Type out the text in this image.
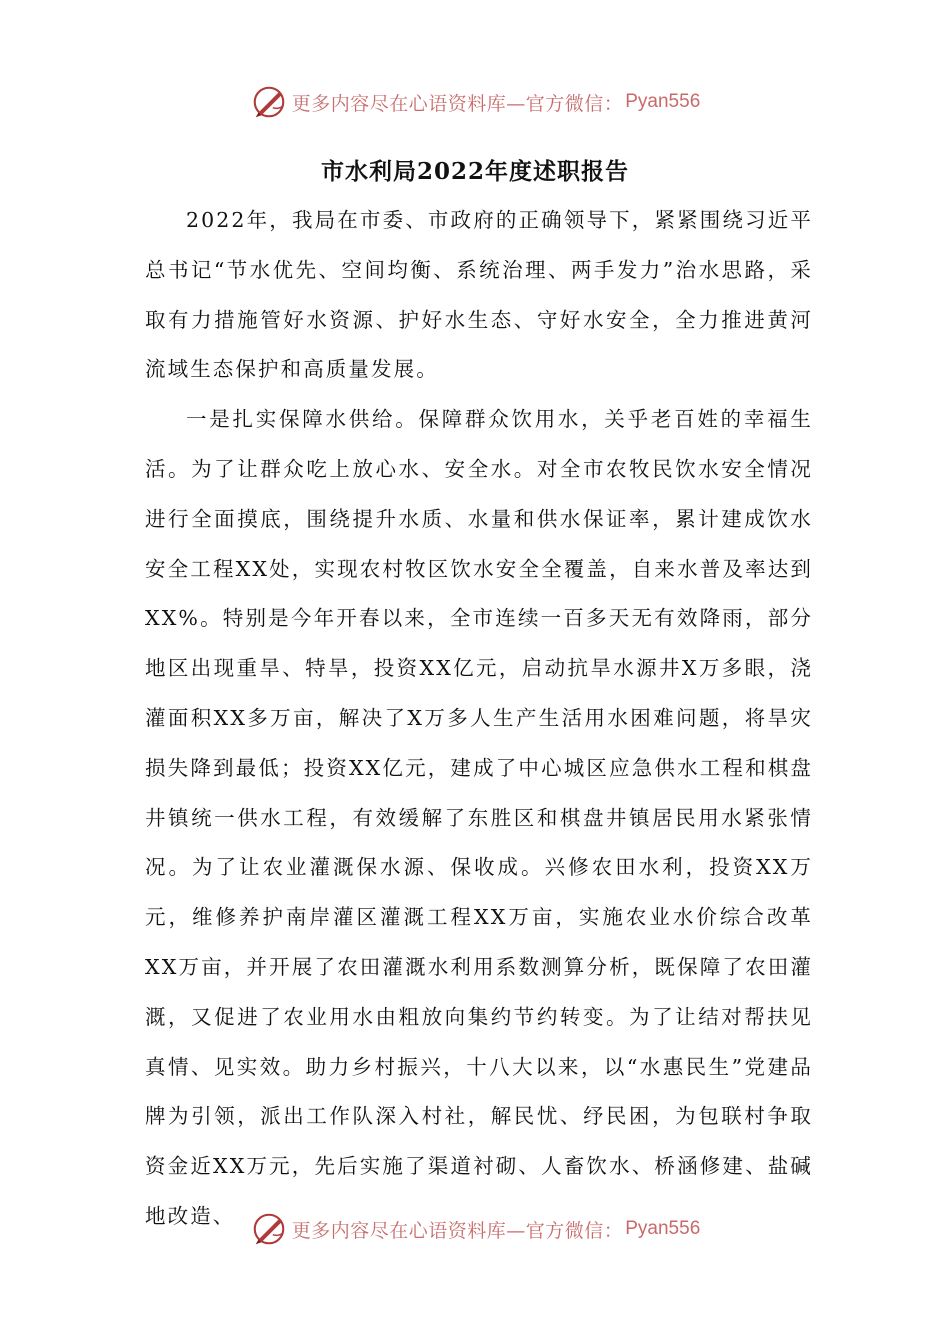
更多内容尽在心语资料库—官方微信： Pyan556
市水利局2022年度述职报告

2022年，我局在市委、市政府的正确领导下，紧紧围绕习近平总书记“节水优先、空间均衡、系统治理、两手发力”治水思路，采取有力措施管好水资源、护好水生态、守好水安全，全力推进黄河流域生态保护和高质量发展。

一是扎实保障水供给。保障群众饮用水，关乎老百姓的幸福生活。为了让群众吃上放心水、安全水。对全市农牧民饮水安全情况进行全面摸底，围绕提升水质、水量和供水保证率，累计建成饮水安全工程XX处，实现农村牧区饮水安全全覆盖，自来水普及率达到XX%。特别是今年开春以来，全市连续一百多天无有效降雨，部分地区出现重旱、特旱，投资XX亿元，启动抗旱水源井X万多眼，浇灌面积XX多万亩，解决了X万多人生产生活用水困难问题，将旱灾损失降到最低；投资XX亿元，建成了中心城区应急供水工程和棋盘井镇统一供水工程，有效缓解了东胜区和棋盘井镇居民用水紧张情况。为了让农业灌溉保水源、保收成。兴修农田水利，投资XX万元，维修养护南岸灌区灌溉工程XX万亩，实施农业水价综合改革XX万亩，并开展了农田灌溉水利用系数测算分析，既保障了农田灌溉，又促进了农业用水由粗放向集约节约转变。为了让结对帮扶见真情、见实效。助力乡村振兴，十八大以来，以“水惠民生”党建品牌为引领，派出工作队深入村社，解民忧、纾民困，为包联村争取资金近XX万元，先后实施了渠道衬砌、人畜饮水、桥涵修建、盐碱地改造、

更多内容尽在心语资料库—官方微信： Pyan556
